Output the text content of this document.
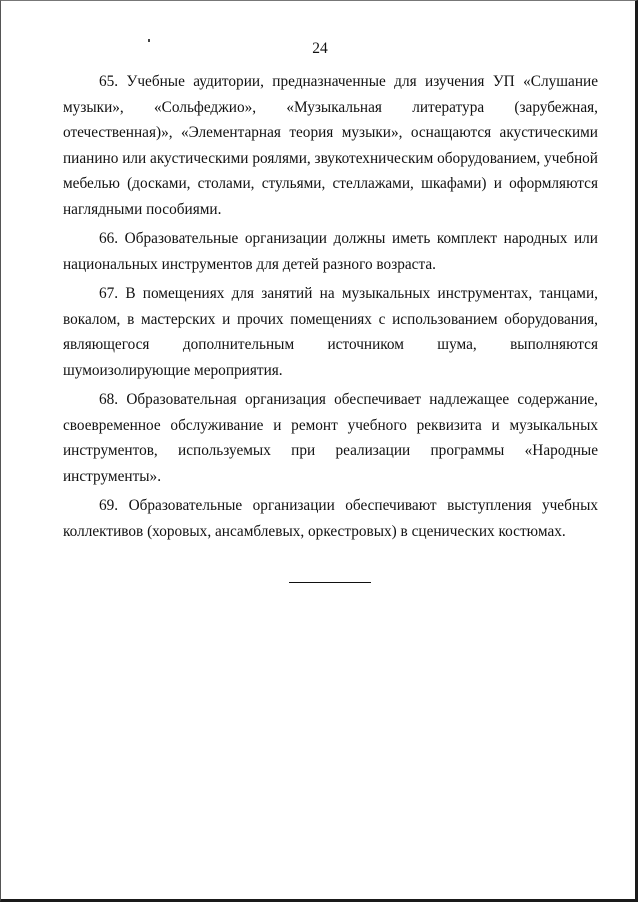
24

65. Учебные аудитории, предназначенные для изучения УП «Слушание музыки», «Сольфеджио», «Музыкальная литература (зарубежная, отечественная)», «Элементарная теория музыки», оснащаются акустическими пианино или акустическими роялями, звукотехническим оборудованием, учебной мебелью (досками, столами, стульями, стеллажами, шкафами) и оформляются наглядными пособиями.

66. Образовательные организации должны иметь комплект народных или национальных инструментов для детей разного возраста.

67. В помещениях для занятий на музыкальных инструментах, танцами, вокалом, в мастерских и прочих помещениях с использованием оборудования, являющегося дополнительным источником шума, выполняются шумоизолирующие мероприятия.

68. Образовательная организация обеспечивает надлежащее содержание, своевременное обслуживание и ремонт учебного реквизита и музыкальных инструментов, используемых при реализации программы «Народные инструменты».

69. Образовательные организации обеспечивают выступления учебных коллективов (хоровых, ансамблевых, оркестровых) в сценических костюмах.
